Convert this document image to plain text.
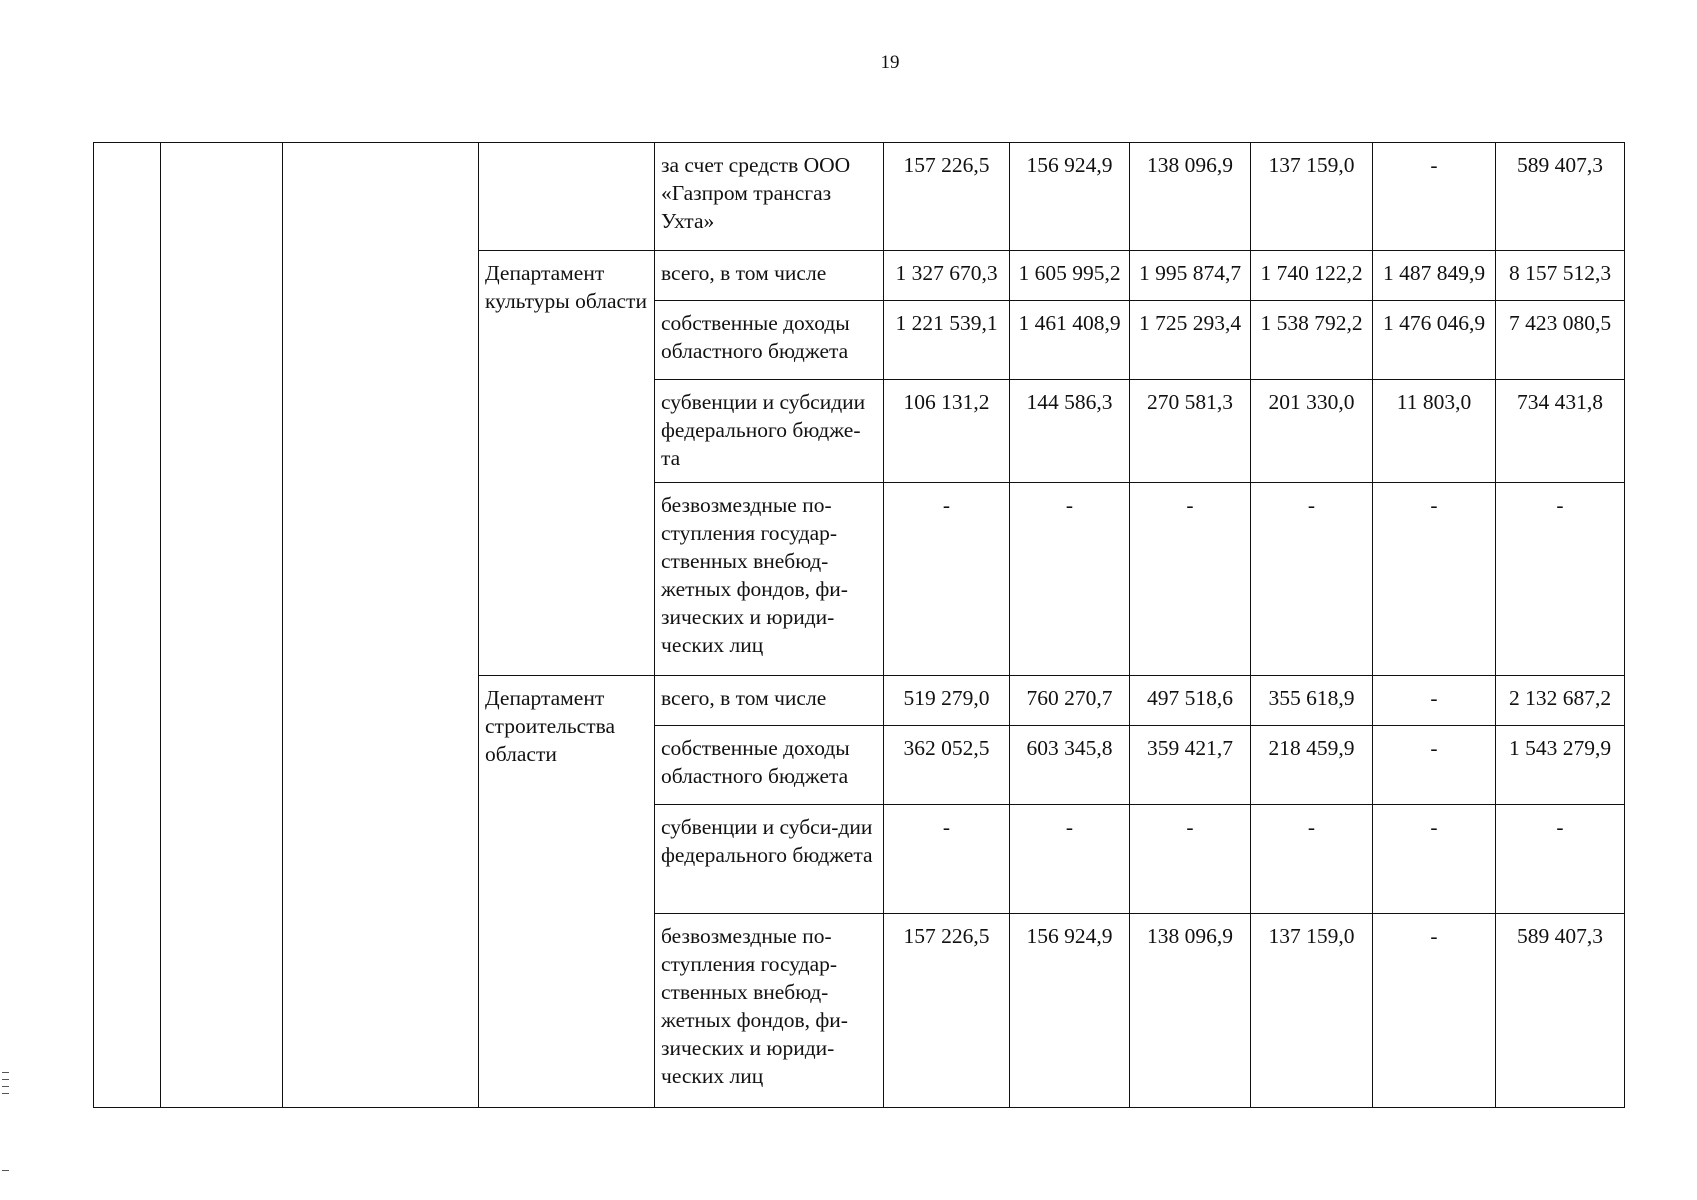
19
				за счет средств ООО «Газпром трансгаз Ухта»	157 226,5	156 924,9	138 096,9	137 159,0	-	589 407,3
			Департамент культуры области	всего, в том числе	1 327 670,3	1 605 995,2	1 995 874,7	1 740 122,2	1 487 849,9	8 157 512,3
				собственные доходы областного бюджета	1 221 539,1	1 461 408,9	1 725 293,4	1 538 792,2	1 476 046,9	7 423 080,5
				субвенции и субсидии федерального бюдже-та	106 131,2	144 586,3	270 581,3	201 330,0	11 803,0	734 431,8
				безвозмездные по-ступления государ-ственных внебюд-жетных фондов, фи-зических и юриди-ческих лиц	-	-	-	-	-	-
			Департамент строительства области	всего, в том числе	519 279,0	760 270,7	497 518,6	355 618,9	-	2 132 687,2
				собственные доходы областного бюджета	362 052,5	603 345,8	359 421,7	218 459,9	-	1 543 279,9
				субвенции и субси-дии федерального бюджета	-	-	-	-	-	-
				безвозмездные по-ступления государ-ственных внебюд-жетных фондов, фи-зических и юриди-ческих лиц	157 226,5	156 924,9	138 096,9	137 159,0	-	589 407,3
